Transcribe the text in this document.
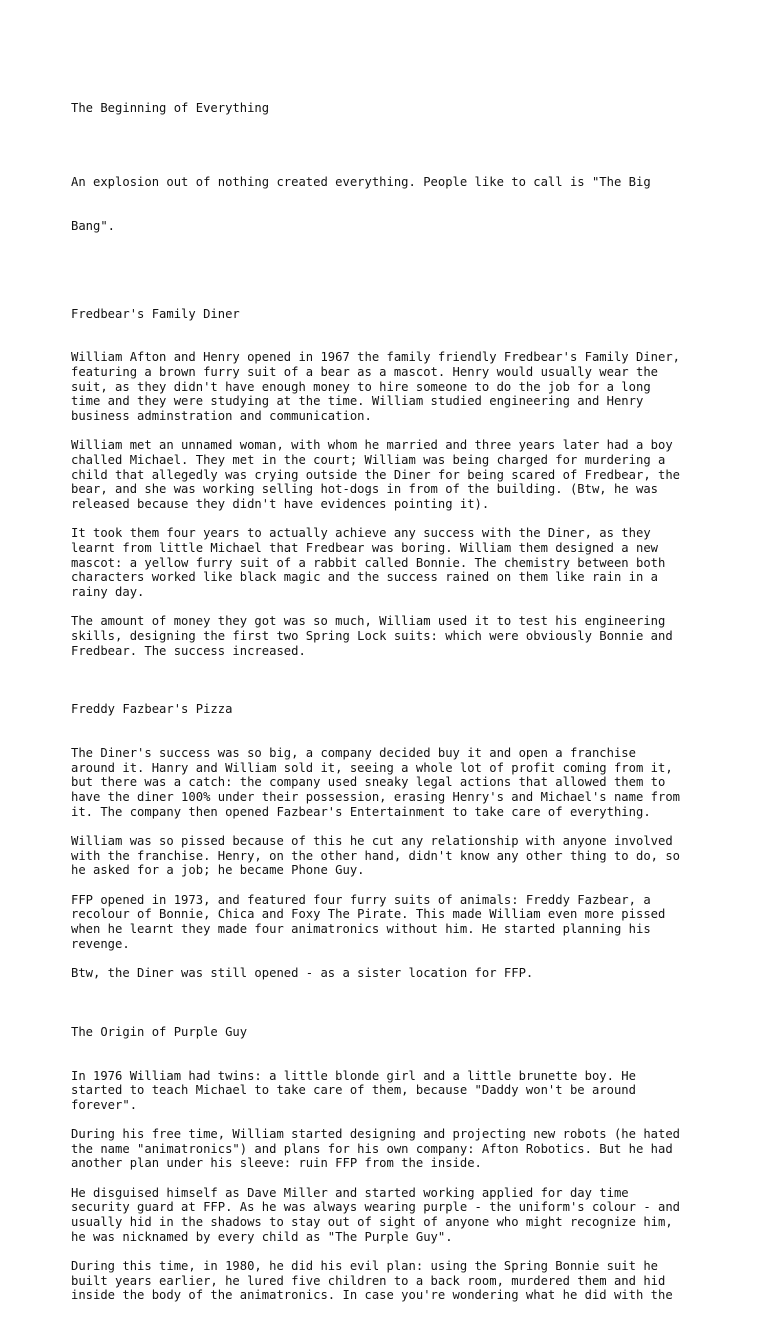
The Beginning of Everything

An explosion out of nothing created everything. People like to call is "The Big

Bang".

Fredbear's Family Diner

William Afton and Henry opened in 1967 the family friendly Fredbear's Family Diner,
featuring a brown furry suit of a bear as a mascot. Henry would usually wear the
suit, as they didn't have enough money to hire someone to do the job for a long
time and they were studying at the time. William studied engineering and Henry
business adminstration and communication.
William met an unnamed woman, with whom he married and three years later had a boy
challed Michael. They met in the court; William was being charged for murdering a
child that allegedly was crying outside the Diner for being scared of Fredbear, the
bear, and she was working selling hot-dogs in from of the building. (Btw, he was
released because they didn't have evidences pointing it).
It took them four years to actually achieve any success with the Diner, as they
learnt from little Michael that Fredbear was boring. William them designed a new
mascot: a yellow furry suit of a rabbit called Bonnie. The chemistry between both
characters worked like black magic and the success rained on them like rain in a
rainy day.
The amount of money they got was so much, William used it to test his engineering
skills, designing the first two Spring Lock suits: which were obviously Bonnie and
Fredbear. The success increased.

Freddy Fazbear's Pizza

The Diner's success was so big, a company decided buy it and open a franchise
around it. Hanry and William sold it, seeing a whole lot of profit coming from it,
but there was a catch: the company used sneaky legal actions that allowed them to
have the diner 100% under their possession, erasing Henry's and Michael's name from
it. The company then opened Fazbear's Entertainment to take care of everything.
William was so pissed because of this he cut any relationship with anyone involved
with the franchise. Henry, on the other hand, didn't know any other thing to do, so
he asked for a job; he became Phone Guy.
FFP opened in 1973, and featured four furry suits of animals: Freddy Fazbear, a
recolour of Bonnie, Chica and Foxy The Pirate. This made William even more pissed
when he learnt they made four animatronics without him. He started planning his
revenge.
Btw, the Diner was still opened - as a sister location for FFP.

The Origin of Purple Guy

In 1976 William had twins: a little blonde girl and a little brunette boy. He
started to teach Michael to take care of them, because "Daddy won't be around
forever".
During his free time, William started designing and projecting new robots (he hated
the name "animatronics") and plans for his own company: Afton Robotics. But he had
another plan under his sleeve: ruin FFP from the inside.
He disguised himself as Dave Miller and started working applied for day time
security guard at FFP. As he was always wearing purple - the uniform's colour - and
usually hid in the shadows to stay out of sight of anyone who might recognize him,
he was nicknamed by every child as "The Purple Guy".
During this time, in 1980, he did his evil plan: using the Spring Bonnie suit he
built years earlier, he lured five children to a back room, murdered them and hid
inside the body of the animatronics. In case you're wondering what he did with the
